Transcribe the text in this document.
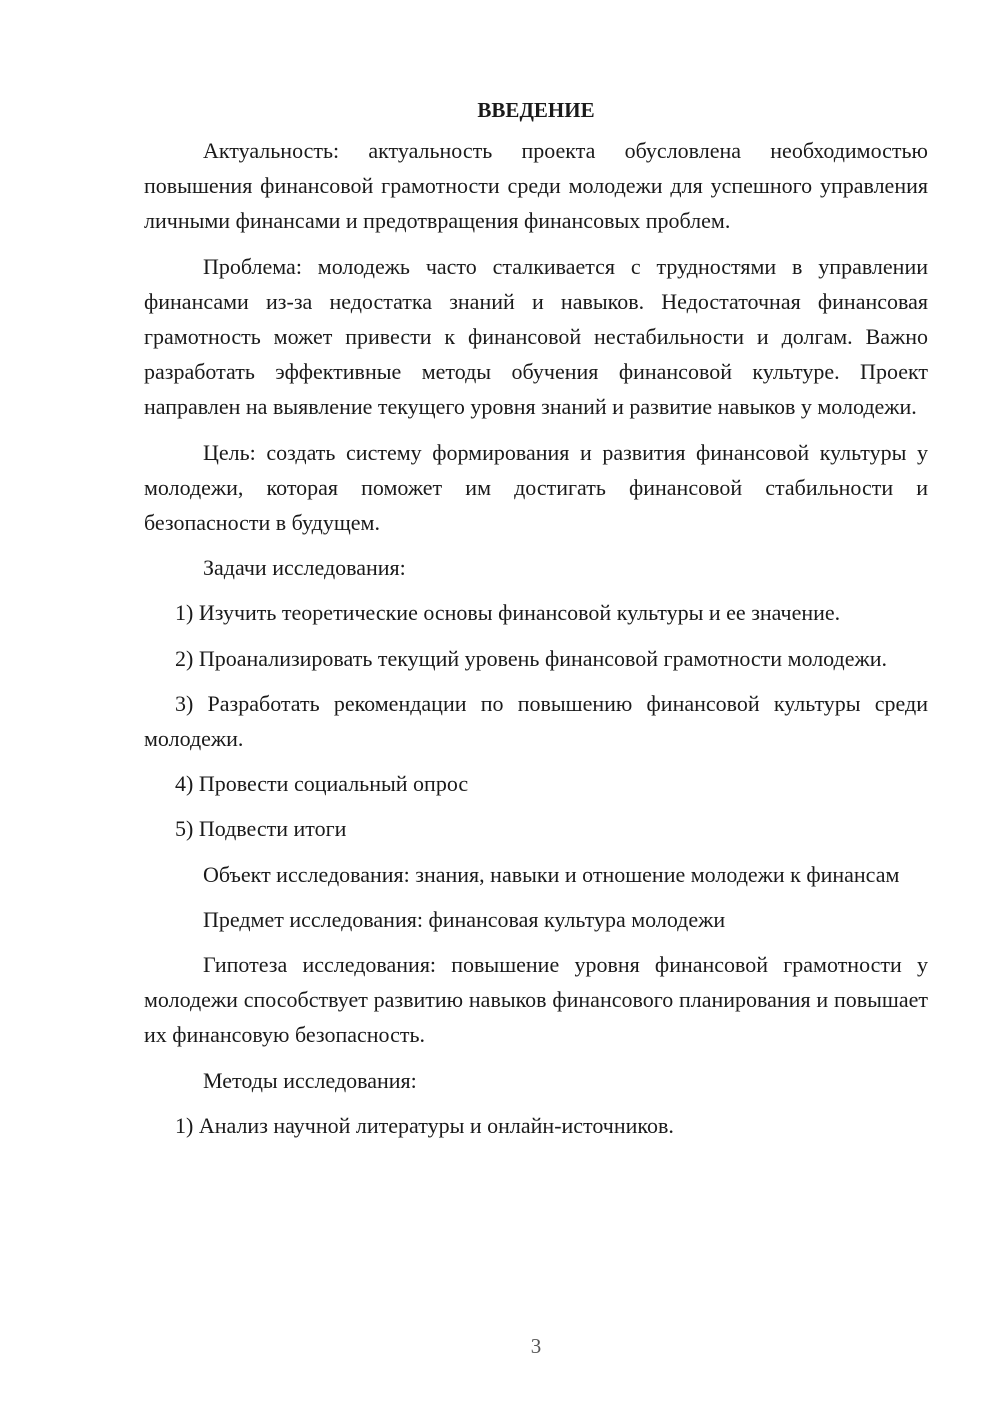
ВВЕДЕНИЕ

Актуальность: актуальность проекта обусловлена необходимостью повышения финансовой грамотности среди молодежи для успешного управления личными финансами и предотвращения финансовых проблем.

Проблема: молодежь часто сталкивается с трудностями в управлении финансами из-за недостатка знаний и навыков. Недостаточная финансовая грамотность может привести к финансовой нестабильности и долгам. Важно разработать эффективные методы обучения финансовой культуре. Проект направлен на выявление текущего уровня знаний и развитие навыков у молодежи.

Цель: создать систему формирования и развития финансовой культуры у молодежи, которая поможет им достигать финансовой стабильности и безопасности в будущем.

Задачи исследования:

1) Изучить теоретические основы финансовой культуры и ее значение.

2) Проанализировать текущий уровень финансовой грамотности молодежи.

3) Разработать рекомендации по повышению финансовой культуры среди молодежи.

4) Провести социальный опрос

5) Подвести итоги

Объект исследования: знания, навыки и отношение молодежи к финансам

Предмет исследования: финансовая культура молодежи

Гипотеза исследования: повышение уровня финансовой грамотности у молодежи способствует развитию навыков финансового планирования и повышает их финансовую безопасность.

Методы исследования:

1) Анализ научной литературы и онлайн-источников.

3
